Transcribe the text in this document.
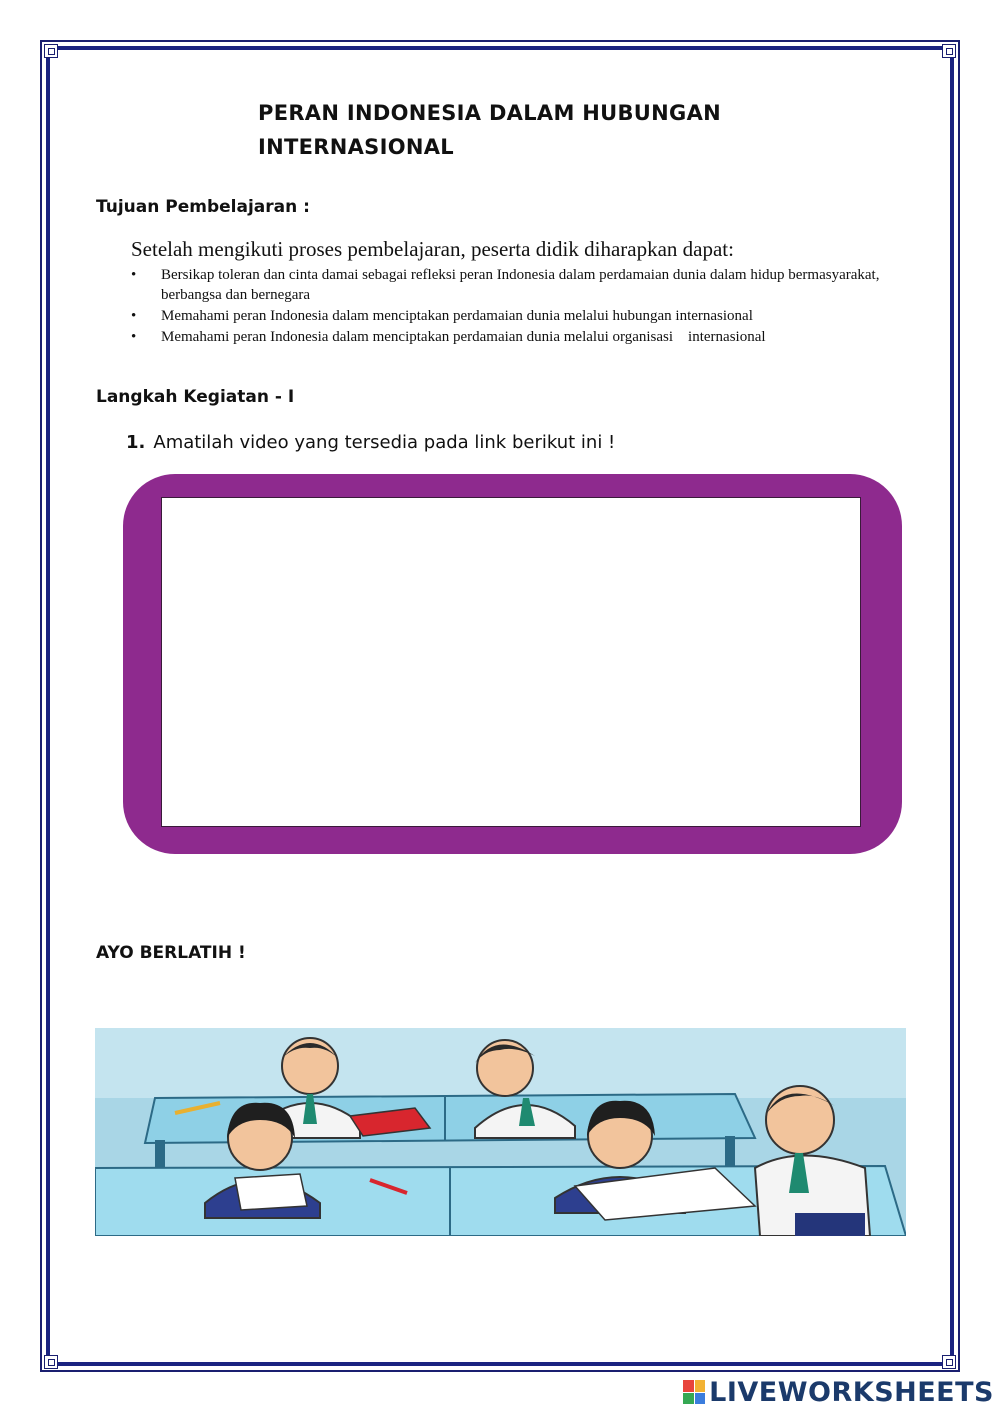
PERAN INDONESIA DALAM HUBUNGAN
INTERNASIONAL
Tujuan Pembelajaran :
Setelah mengikuti proses pembelajaran, peserta didik diharapkan dapat:
• Bersikap toleran dan cinta damai sebagai refleksi peran Indonesia dalam perdamaian dunia dalam hidup bermasyarakat, berbangsa dan bernegara
• Memahami peran Indonesia dalam menciptakan perdamaian dunia melalui hubungan internasional
• Memahami peran Indonesia dalam menciptakan perdamaian dunia melalui organisasi    internasional
Langkah Kegiatan - I
1. Amatilah video yang tersedia pada link berikut ini !
AYO BERLATIH !
LIVEWORKSHEETS
